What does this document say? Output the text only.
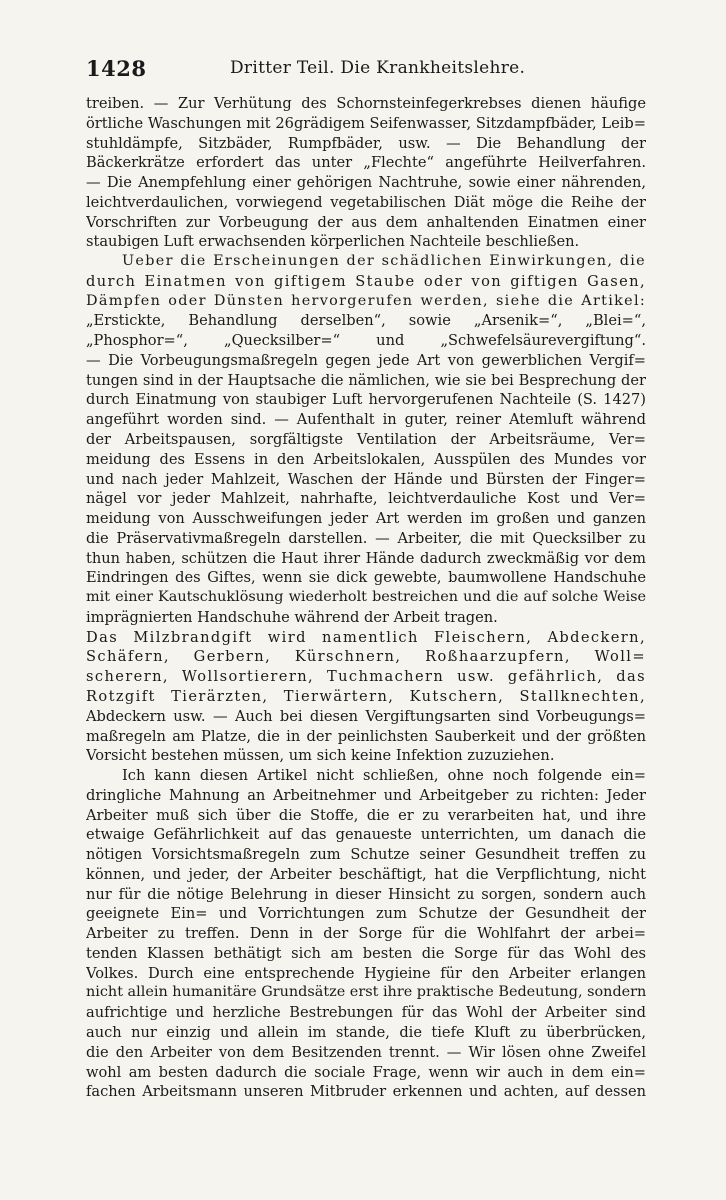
1428	Dritter Teil. Die Krankheitslehre.
treiben. — Zur Verhütung des Schornsteinfegerkrebses dienen häufige
örtliche Waschungen mit 26grädigem Seifenwasser, Sitzdampfbäder, Leib=
stuhldämpfe, Sitzbäder, Rumpfbäder, usw. — Die Behandlung der
Bäckerkrätze erfordert das unter „Flechte“ angeführte Heilverfahren.
— Die Anempfehlung einer gehörigen Nachtruhe, sowie einer nährenden,
leichtverdaulichen, vorwiegend vegetabilischen Diät möge die Reihe der
Vorschriften zur Vorbeugung der aus dem anhaltenden Einatmen einer
staubigen Luft erwachsenden körperlichen Nachteile beschließen.
Ueber die Erscheinungen der schädlichen Einwirkungen, die
durch Einatmen von giftigem Staube oder von giftigen Gasen,
Dämpfen oder Dünsten hervorgerufen werden, siehe die Artikel:
„Erstickte, Behandlung derselben“, sowie „Arsenik=“, „Blei=“,
„Phosphor=“, „Quecksilber=“ und „Schwefelsäurevergiftung“.
— Die Vorbeugungsmaßregeln gegen jede Art von gewerblichen Vergif=
tungen sind in der Hauptsache die nämlichen, wie sie bei Besprechung der
durch Einatmung von staubiger Luft hervorgerufenen Nachteile (S. 1427)
angeführt worden sind. — Aufenthalt in guter, reiner Atemluft während
der Arbeitspausen, sorgfältigste Ventilation der Arbeitsräume, Ver=
meidung des Essens in den Arbeitslokalen, Ausspülen des Mundes vor
und nach jeder Mahlzeit, Waschen der Hände und Bürsten der Finger=
nägel vor jeder Mahlzeit, nahrhafte, leichtverdauliche Kost und Ver=
meidung von Ausschweifungen jeder Art werden im großen und ganzen
die Präservativmaßregeln darstellen. — Arbeiter, die mit Quecksilber zu
thun haben, schützen die Haut ihrer Hände dadurch zweckmäßig vor dem
Eindringen des Giftes, wenn sie dick gewebte, baumwollene Handschuhe
mit einer Kautschuklösung wiederholt bestreichen und die auf solche Weise
imprägnierten Handschuhe während der Arbeit tragen.
Das Milzbrandgift wird namentlich Fleischern, Abdeckern,
Schäfern, Gerbern, Kürschnern, Roßhaarzupfern, Woll=
scherern, Wollsortierern, Tuchmachern usw. gefährlich, das
Rotzgift Tierärzten, Tierwärtern, Kutschern, Stallknechten,
Abdeckern usw. — Auch bei diesen Vergiftungsarten sind Vorbeugungs=
maßregeln am Platze, die in der peinlichsten Sauberkeit und der größten
Vorsicht bestehen müssen, um sich keine Infektion zuzuziehen.
Ich kann diesen Artikel nicht schließen, ohne noch folgende ein=
dringliche Mahnung an Arbeitnehmer und Arbeitgeber zu richten: Jeder
Arbeiter muß sich über die Stoffe, die er zu verarbeiten hat, und ihre
etwaige Gefährlichkeit auf das genaueste unterrichten, um danach die
nötigen Vorsichtsmaßregeln zum Schutze seiner Gesundheit treffen zu
können, und jeder, der Arbeiter beschäftigt, hat die Verpflichtung, nicht
nur für die nötige Belehrung in dieser Hinsicht zu sorgen, sondern auch
geeignete Ein= und Vorrichtungen zum Schutze der Gesundheit der
Arbeiter zu treffen. Denn in der Sorge für die Wohlfahrt der arbei=
tenden Klassen bethätigt sich am besten die Sorge für das Wohl des
Volkes. Durch eine entsprechende Hygieine für den Arbeiter erlangen
nicht allein humanitäre Grundsätze erst ihre praktische Bedeutung, sondern
aufrichtige und herzliche Bestrebungen für das Wohl der Arbeiter sind
auch nur einzig und allein im stande, die tiefe Kluft zu überbrücken,
die den Arbeiter von dem Besitzenden trennt. — Wir lösen ohne Zweifel
wohl am besten dadurch die sociale Frage, wenn wir auch in dem ein=
fachen Arbeitsmann unseren Mitbruder erkennen und achten, auf dessen
